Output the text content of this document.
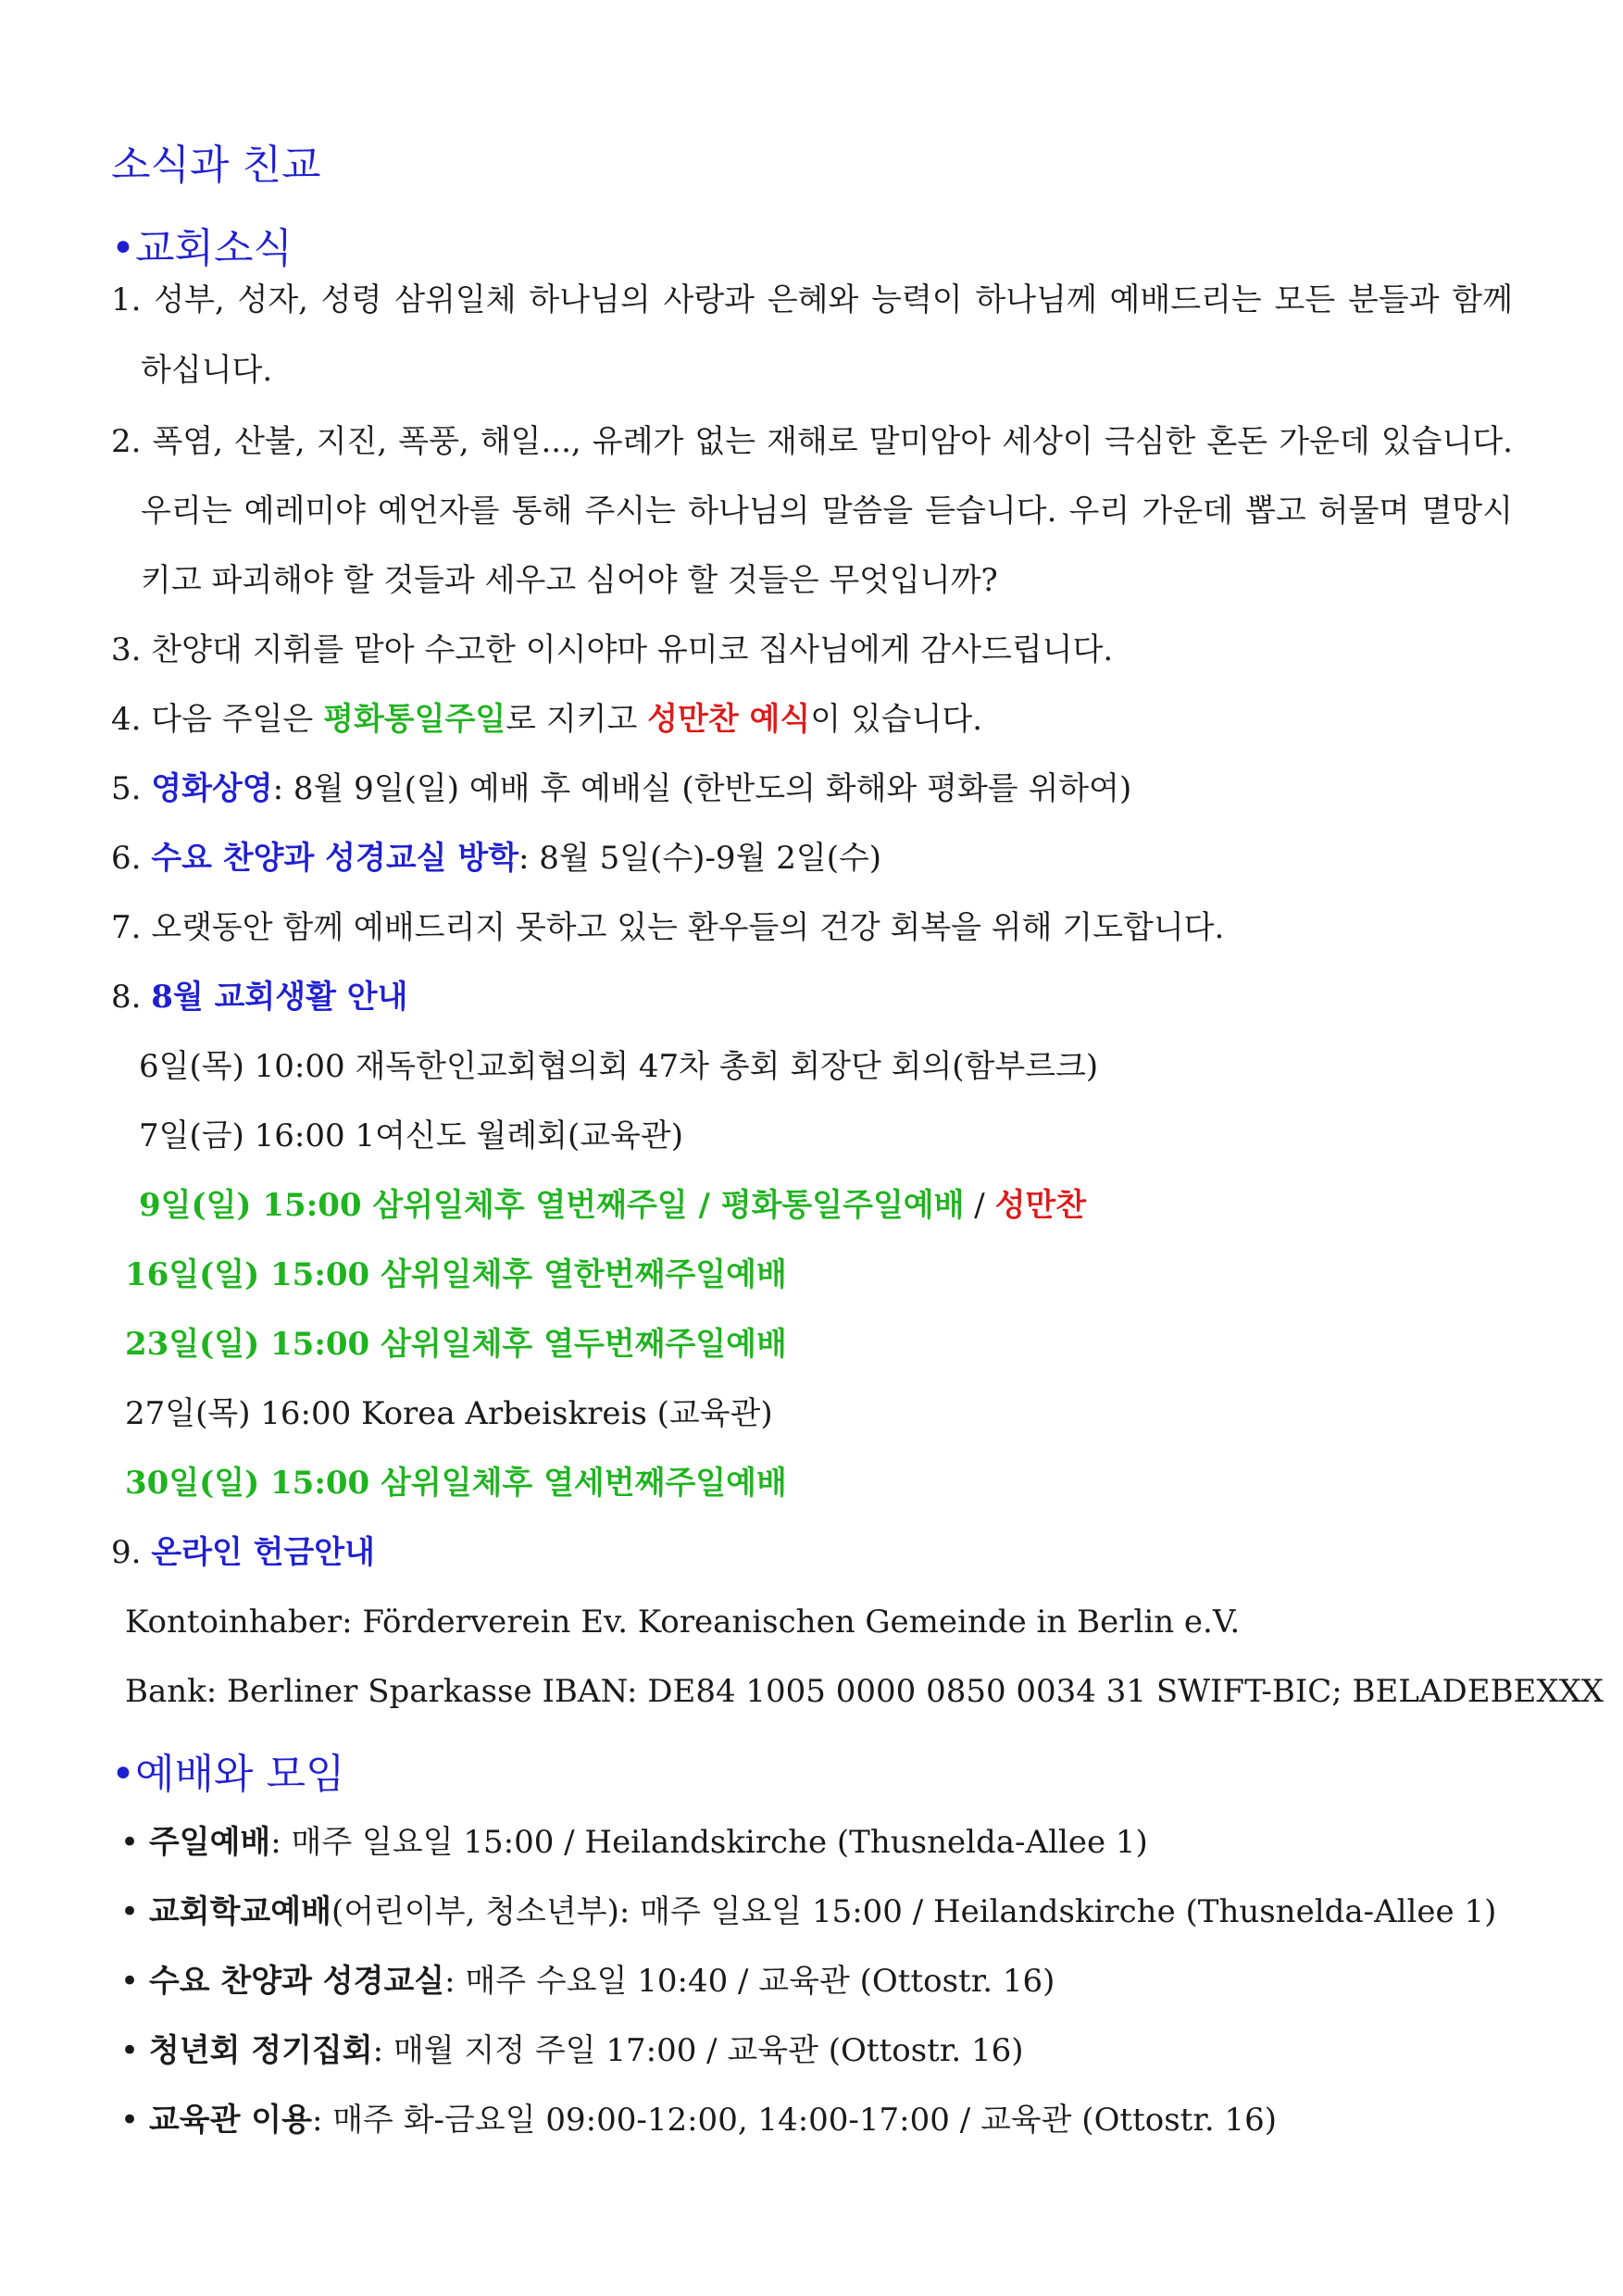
소식과 친교
•교회소식
1. 성부, 성자, 성령 삼위일체 하나님의 사랑과 은혜와 능력이 하나님께 예배드리는 모든 분들과 함께
하십니다.
2. 폭염, 산불, 지진, 폭풍, 해일..., 유례가 없는 재해로 말미암아 세상이 극심한 혼돈 가운데 있습니다.
우리는 예레미야 예언자를 통해 주시는 하나님의 말씀을 듣습니다. 우리 가운데 뽑고 허물며 멸망시
키고 파괴해야 할 것들과 세우고 심어야 할 것들은 무엇입니까?
3. 찬양대 지휘를 맡아 수고한 이시야마 유미코 집사님에게 감사드립니다.
4. 다음 주일은 평화통일주일로 지키고 성만찬 예식이 있습니다.
5. 영화상영: 8월 9일(일) 예배 후 예배실 (한반도의 화해와 평화를 위하여)
6. 수요 찬양과 성경교실 방학: 8월 5일(수)-9월 2일(수)
7. 오랫동안 함께 예배드리지 못하고 있는 환우들의 건강 회복을 위해 기도합니다.
8. 8월 교회생활 안내
6일(목) 10:00 재독한인교회협의회 47차 총회 회장단 회의(함부르크)
7일(금) 16:00 1여신도 월례회(교육관)
9일(일) 15:00 삼위일체후 열번째주일 / 평화통일주일예배 / 성만찬
16일(일) 15:00 삼위일체후 열한번째주일예배
23일(일) 15:00 삼위일체후 열두번째주일예배
27일(목) 16:00 Korea Arbeiskreis (교육관)
30일(일) 15:00 삼위일체후 열세번째주일예배
9. 온라인 헌금안내
Kontoinhaber: Förderverein Ev. Koreanischen Gemeinde in Berlin e.V.
Bank: Berliner Sparkasse IBAN: DE84 1005 0000 0850 0034 31 SWIFT-BIC; BELADEBEXXX
•예배와 모임
• 주일예배: 매주 일요일 15:00 / Heilandskirche (Thusnelda-Allee 1)
• 교회학교예배(어린이부, 청소년부): 매주 일요일 15:00 / Heilandskirche (Thusnelda-Allee 1)
• 수요 찬양과 성경교실: 매주 수요일 10:40 / 교육관 (Ottostr. 16)
• 청년회 정기집회: 매월 지정 주일 17:00 / 교육관 (Ottostr. 16)
• 교육관 이용: 매주 화-금요일 09:00-12:00, 14:00-17:00 / 교육관 (Ottostr. 16)
